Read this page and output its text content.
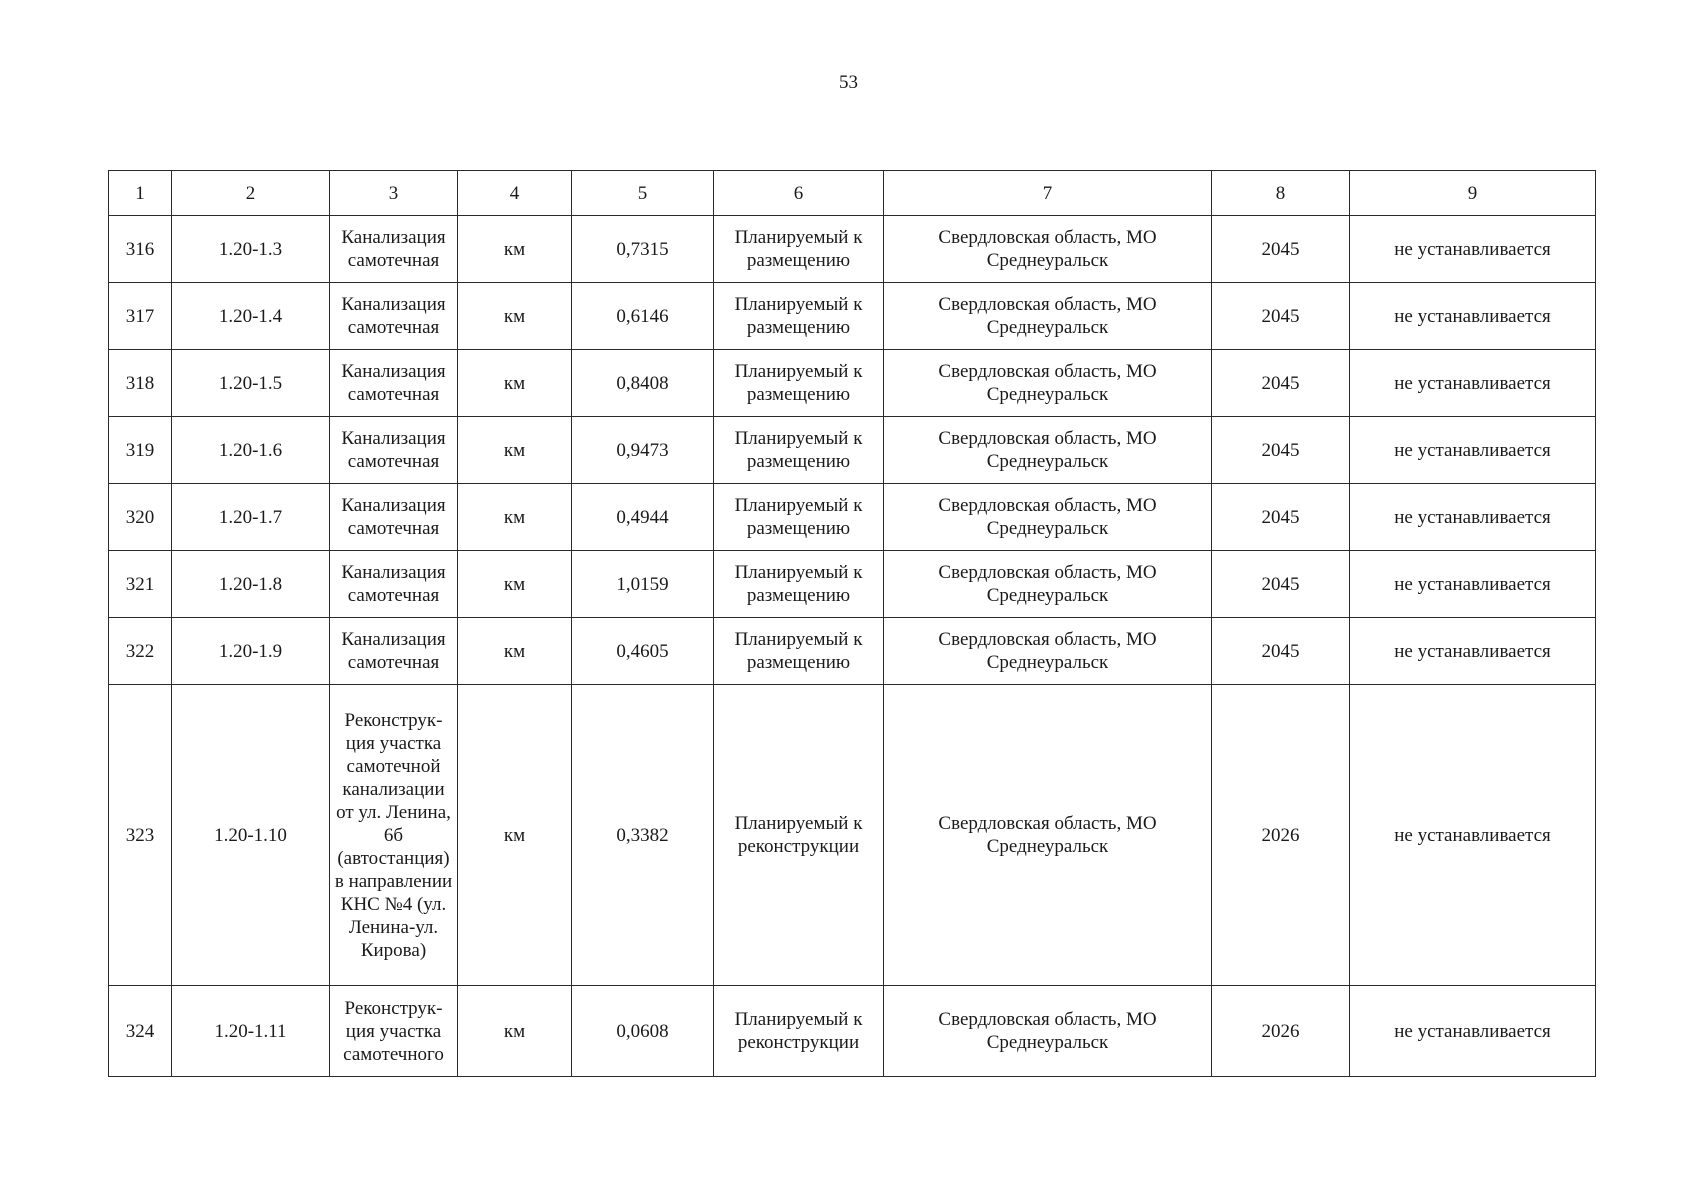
53
1	2	3	4	5	6	7	8	9
316	1.20-1.3	Канализация самотечная	км	0,7315	Планируемый к размещению	Свердловская область, МО Среднеуральск	2045	не устанавливается
317	1.20-1.4	Канализация самотечная	км	0,6146	Планируемый к размещению	Свердловская область, МО Среднеуральск	2045	не устанавливается
318	1.20-1.5	Канализация самотечная	км	0,8408	Планируемый к размещению	Свердловская область, МО Среднеуральск	2045	не устанавливается
319	1.20-1.6	Канализация самотечная	км	0,9473	Планируемый к размещению	Свердловская область, МО Среднеуральск	2045	не устанавливается
320	1.20-1.7	Канализация самотечная	км	0,4944	Планируемый к размещению	Свердловская область, МО Среднеуральск	2045	не устанавливается
321	1.20-1.8	Канализация самотечная	км	1,0159	Планируемый к размещению	Свердловская область, МО Среднеуральск	2045	не устанавливается
322	1.20-1.9	Канализация самотечная	км	0,4605	Планируемый к размещению	Свердловская область, МО Среднеуральск	2045	не устанавливается
323	1.20-1.10	Реконструк-ция участка самотечной канализации от ул. Ленина, 6б (автостанция) в направлении КНС №4 (ул. Ленина-ул. Кирова)	км	0,3382	Планируемый к реконструкции	Свердловская область, МО Среднеуральск	2026	не устанавливается
324	1.20-1.11	Реконструк-ция участка самотечного	км	0,0608	Планируемый к реконструкции	Свердловская область, МО Среднеуральск	2026	не устанавливается
